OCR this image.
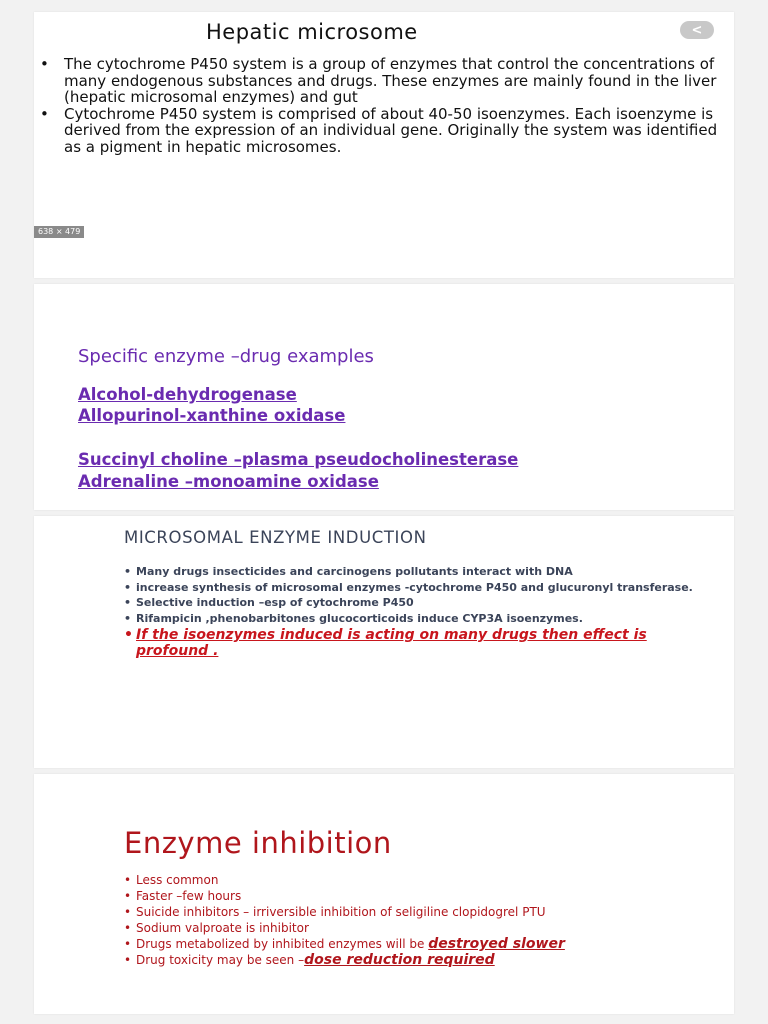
Hepatic microsome	<
• The cytochrome P450 system is a group of enzymes that control the concentrations of many endogenous substances and drugs. These enzymes are mainly found in the liver (hepatic microsomal enzymes) and gut
• Cytochrome P450 system is comprised of about 40-50 isoenzymes. Each isoenzyme is derived from the expression of an individual gene. Originally the system was identified as a pigment in hepatic microsomes.
638 × 479
Specific enzyme –drug examples
Alcohol-dehydrogenase
Allopurinol-xanthine oxidase
Succinyl choline –plasma pseudocholinesterase
Adrenaline –monoamine oxidase
MICROSOMAL ENZYME INDUCTION
• Many drugs insecticides and carcinogens pollutants interact with DNA
• increase synthesis of microsomal enzymes -cytochrome P450 and glucuronyl transferase.
• Selective induction –esp of cytochrome P450
• Rifampicin ,phenobarbitones glucocorticoids induce CYP3A isoenzymes.
• If the isoenzymes induced is acting on many drugs then effect is profound .
Enzyme inhibition
• Less common
• Faster –few hours
• Suicide inhibitors – irriversible inhibition of seligiline clopidogrel PTU
• Sodium valproate is inhibitor
• Drugs metabolized by inhibited enzymes will be destroyed slower
• Drug toxicity may be seen –dose reduction required
